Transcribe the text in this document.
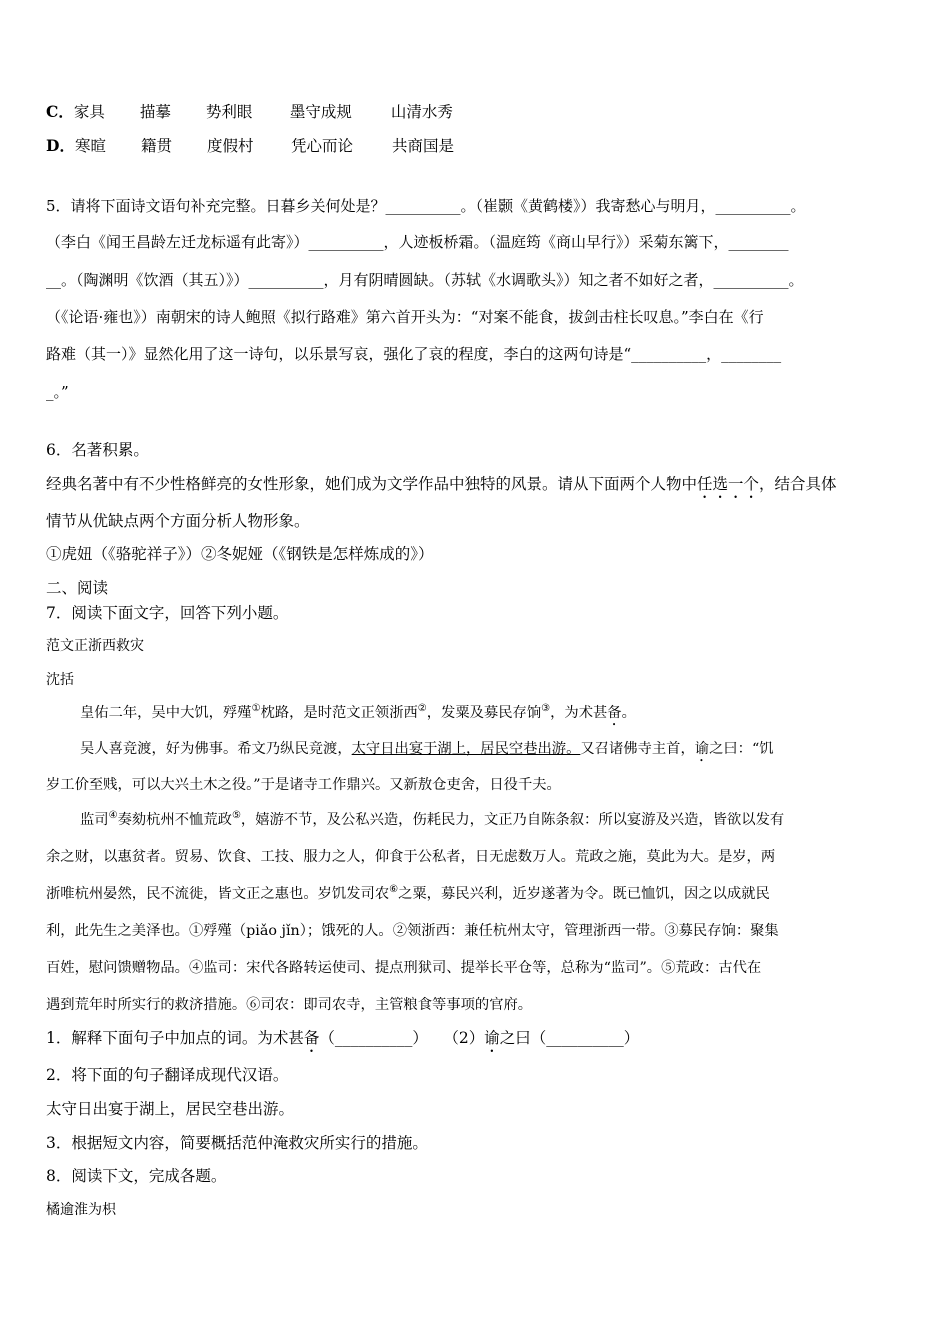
C．家具 描摹 势利眼 墨守成规	山清水秀
D．寒暄 籍贯 度假村 凭心而论	共商国是
5．请将下面诗文语句补充完整。日暮乡关何处是？__________。（崔颢《黄鹤楼》）我寄愁心与明月，__________。
（李白《闻王昌龄左迁龙标遥有此寄》）__________，人迹板桥霜。（温庭筠《商山早行》）采菊东篱下，________
__。（陶渊明《饮酒（其五）》）__________，月有阴晴圆缺。（苏轼《水调歌头》）知之者不如好之者，__________。
（《论语·雍也》）南朝宋的诗人鲍照《拟行路难》第六首开头为：“对案不能食，拔剑击柱长叹息。”李白在《行
路难（其一）》显然化用了这一诗句，以乐景写哀，强化了哀的程度，李白的这两句诗是“__________，________
_。”
6．名著积累。
经典名著中有不少性格鲜亮的女性形象，她们成为文学作品中独特的风景。请从下面两个人物中任选一个，结合具体
情节从优缺点两个方面分析人物形象。
①虎妞（《骆驼祥子》）②冬妮娅（《钢铁是怎样炼成的》）
二、阅读
7．阅读下面文字，回答下列小题。
范文正浙西救灾
沈括
皇佑二年，吴中大饥，殍殣①枕路，是时范文正领浙西②，发粟及募民存饷③，为术甚备。
吴人喜竞渡，好为佛事。希文乃纵民竞渡，太守日出宴于湖上，居民空巷出游。又召诸佛寺主首，谕之曰：“饥
岁工价至贱，可以大兴土木之役。”于是诸寺工作鼎兴。又新敖仓吏舍，日役千夫。
监司④奏劾杭州不恤荒政⑤，嬉游不节，及公私兴造，伤耗民力，文正乃自陈条叙：所以宴游及兴造，皆欲以发有
余之财，以惠贫者。贸易、饮食、工技、服力之人，仰食于公私者，日无虑数万人。荒政之施，莫此为大。是岁，两
浙唯杭州晏然，民不流徙，皆文正之惠也。岁饥发司农⑥之粟，募民兴利，近岁遂著为令。既已恤饥，因之以成就民
利，此先生之美泽也。①殍殣（piǎo jǐn）；饿死的人。②领浙西：兼任杭州太守，管理浙西一带。③募民存饷：聚集
百姓，慰问馈赠物品。④监司：宋代各路转运使司、提点刑狱司、提举长平仓等，总称为“监司”。⑤荒政：古代在
遇到荒年时所实行的救济措施。⑥司农：即司农寺，主管粮食等事项的官府。
1．解释下面句子中加点的词。为术甚备（__________）　　（2）谕之曰（__________）
2．将下面的句子翻译成现代汉语。
太守日出宴于湖上，居民空巷出游。
3．根据短文内容，简要概括范仲淹救灾所实行的措施。
8．阅读下文，完成各题。
橘逾淮为枳
